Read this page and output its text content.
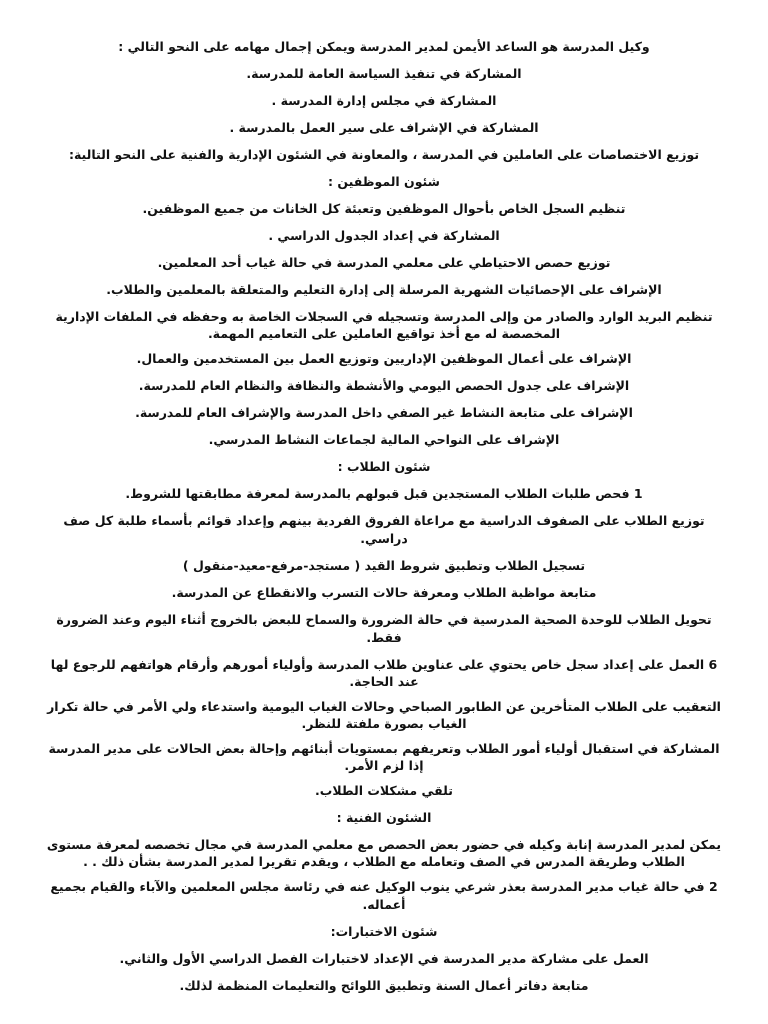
وكيل المدرسة هو الساعد الأيمن لمدير المدرسة ويمكن إجمال مهامه على النحو التالي :

المشاركة في تنفيذ السياسة العامة للمدرسة.

المشاركة في مجلس إدارة المدرسة .

المشاركة في الإشراف على سير العمل بالمدرسة .

توزيع الاختصاصات على العاملين في المدرسة ، والمعاونة في الشئون الإدارية والفنية على النحو التالية:

شئون الموظفين :

تنظيم السجل الخاص بأحوال الموظفين وتعبئة كل الخانات من جميع الموظفين.

المشاركة في إعداد الجدول الدراسي .

توزيع حصص الاحتياطي على معلمي المدرسة في حالة غياب أحد المعلمين.

الإشراف على الإحصائيات الشهرية المرسلة إلى إدارة التعليم والمتعلقة بالمعلمين والطلاب.

تنظيم البريد الوارد والصادر من وإلى المدرسة وتسجيله في السجلات الخاصة به وحفظه في الملفات الإدارية المخصصة له مع أخذ تواقيع العاملين على التعاميم المهمة.

الإشراف على أعمال الموظفين الإداريين وتوزيع العمل بين المستخدمين والعمال.

الإشراف على جدول الحصص اليومي والأنشطة والنظافة والنظام العام للمدرسة.

الإشراف على متابعة النشاط غير الصفي داخل المدرسة والإشراف العام للمدرسة.

الإشراف على النواحي المالية لجماعات النشاط المدرسي.

شئون الطلاب :

1 فحص طلبات الطلاب المستجدين قبل قبولهم بالمدرسة لمعرفة مطابقتها للشروط.

توزيع الطلاب على الصفوف الدراسية مع مراعاة الفروق الفردية بينهم وإعداد قوائم بأسماء طلبة كل صف دراسي.

تسجيل الطلاب وتطبيق شروط القيد ( مستجد-مرفع-معيد-منقول )

متابعة مواظبة الطلاب ومعرفة حالات التسرب والانقطاع عن المدرسة.

تحويل الطلاب للوحدة الصحية المدرسية في حالة الضرورة والسماح للبعض بالخروج أثناء اليوم وعند الضرورة فقط.

6 العمل على إعداد سجل خاص يحتوي على عناوين طلاب المدرسة وأولياء أمورهم وأرقام هواتفهم للرجوع لها عند الحاجة.

التعقيب على الطلاب المتأخرين عن الطابور الصباحي وحالات الغياب اليومية واستدعاء ولي الأمر في حالة تكرار الغياب بصورة ملفتة للنظر.

المشاركة في استقبال أولياء أمور الطلاب وتعريفهم بمستويات أبنائهم وإحالة بعض الحالات على مدير المدرسة إذا لزم الأمر.

تلقي مشكلات الطلاب.

الشئون الفنية :

يمكن لمدير المدرسة إنابة وكيله في حضور بعض الحصص مع معلمي المدرسة في مجال تخصصه لمعرفة مستوى الطلاب وطريقة المدرس في الصف وتعامله مع الطلاب ، ويقدم تقريرا لمدير المدرسة بشأن ذلك . .

2 في حالة غياب مدير المدرسة بعذر شرعي ينوب الوكيل عنه في رئاسة مجلس المعلمين والآباء والقيام بجميع أعماله.

شئون الاختبارات:

العمل على مشاركة مدير المدرسة في الإعداد لاختبارات الفصل الدراسي الأول والثاني.

متابعة دفاتر أعمال السنة وتطبيق اللوائح والتعليمات المنظمة لذلك.
